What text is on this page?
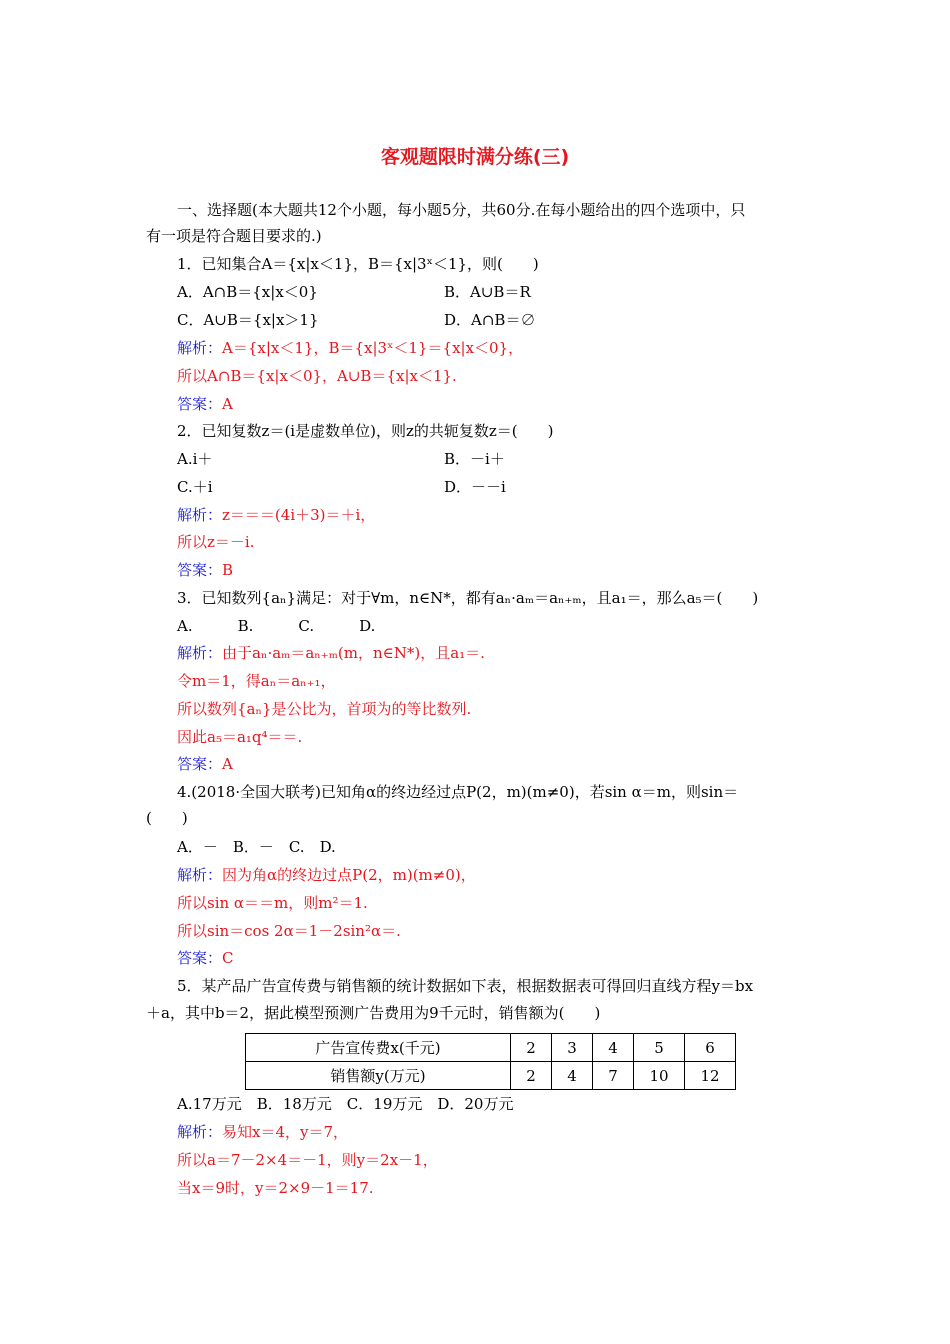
客观题限时满分练(三)
一、选择题(本大题共12个小题，每小题5分，共60分.在每小题给出的四个选项中，只
有一项是符合题目要求的.)
1．已知集合A＝{x|x＜1}，B＝{x|3ˣ＜1}，则(　　)
A．A∩B＝{x|x＜0}	B．A∪B＝R
C．A∪B＝{x|x＞1}	D．A∩B＝∅
解析：A＝{x|x＜1}，B＝{x|3ˣ＜1}＝{x|x＜0}，
所以A∩B＝{x|x＜0}，A∪B＝{x|x＜1}.
答案：A
2．已知复数z＝(i是虚数单位)，则z的共轭复数z＝(　　)
A.i＋	B．－i＋
C.＋i	D．－－i
解析：z＝＝＝(4i＋3)＝＋i，
所以z＝－i.
答案：B
3．已知数列{aₙ}满足：对于∀m，n∈N*，都有aₙ·aₘ＝aₙ₊ₘ，且a₁＝，那么a₅＝(　　)
A.　　　B.　　　C.　　　D.
解析：由于aₙ·aₘ＝aₙ₊ₘ(m，n∈N*)，且a₁＝.
令m＝1，得aₙ＝aₙ₊₁，
所以数列{aₙ}是公比为，首项为的等比数列.
因此a₅＝a₁q⁴＝＝.
答案：A
4.(2018·全国大联考)已知角α的终边经过点P(2，m)(m≠0)，若sin α＝m，则sin＝
(　　)
A．－　B．－　C.　D.
解析：因为角α的终边过点P(2，m)(m≠0)，
所以sin α＝＝m，则m²＝1.
所以sin＝cos 2α＝1－2sin²α＝.
答案：C
5．某产品广告宣传费与销售额的统计数据如下表，根据数据表可得回归直线方程y＝bx
＋a，其中b＝2，据此模型预测广告费用为9千元时，销售额为(　　)
广告宣传费x(千元)	2	3	4	5	6
销售额y(万元)	2	4	7	10	12
A.17万元　B．18万元　C．19万元　D．20万元
解析：易知x＝4，y＝7，
所以a＝7－2×4＝－1，则y＝2x－1，
当x＝9时，y＝2×9－1＝17.
